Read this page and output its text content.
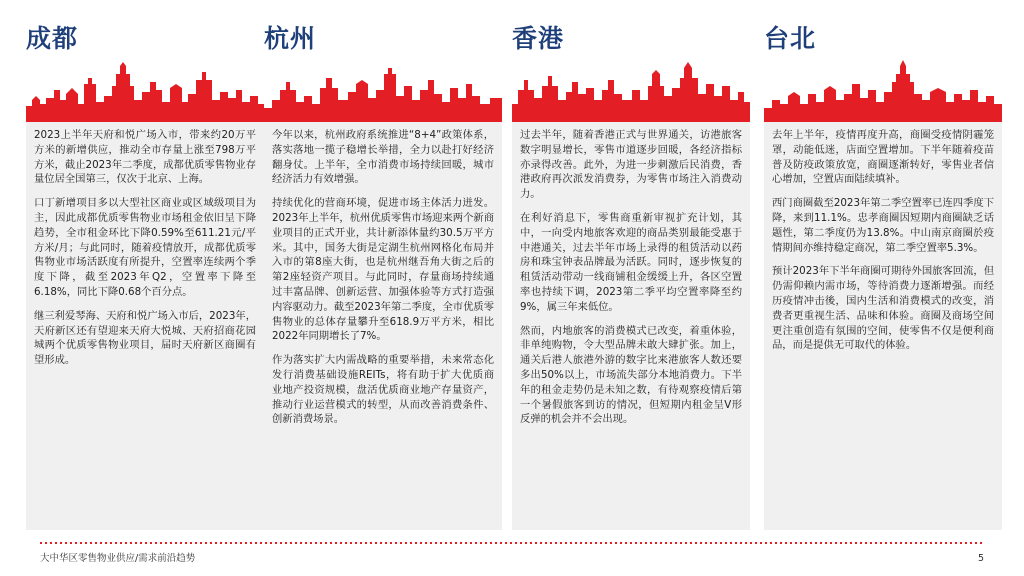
成都

2023上半年天府和悦广场入市，带来约20万平方米的新增供应，推动全市存量上涨至798万平方米，截止2023年二季度，成都优质零售物业存量位居全国第三，仅次于北京、上海。

口丁新增项目多以大型社区商业或区域级项目为主，因此成都优质零售物业市场租金依旧呈下降趋势，全市租金环比下降0.59%至611.21元/平方米/月；与此同时，随着疫情放开，成都优质零售物业市场活跃度有所提升，空置率连续两个季度下降，截至2023年Q2，空置率下降至6.18%，同比下降0.68个百分点。

继三利爱琴海、天府和悦广场入市后，2023年，天府新区还有望迎来天府大悦城、天府招商花园城两个优质零售物业项目，届时天府新区商圈有望形成。

杭州

今年以来，杭州政府系统推进“8+4”政策体系，落实落地一揽子稳增长举措，全力以赴打好经济翻身仗。上半年，全市消费市场持续回暖，城市经济活力有效增强。

持续优化的营商环境，促进市场主体活力迸发。2023年上半年，杭州优质零售市场迎来两个新商业项目的正式开业，共计新添体量约30.5万平方米。其中，国务大街是定湖生杭州网格化布局并入市的第8座大街，也是杭州继吾角大街之后的第2座轻资产项目。与此同时，存量商场持续通过丰富品牌、创新运营、加强体验等方式打造强内容驱动力。截至2023年第二季度，全市优质零售物业的总体存量攀升至618.9万平方米，相比2022年同期增长了7%。

作为落实扩大内需战略的重要举措，未来常态化发行消费基础设施REITs，将有助于扩大优质商业地产投资规模，盘活优质商业地产存量资产，推动行业运营模式的转型，从而改善消费条件、创新消费场景。

香港

过去半年，随着香港正式与世界通关，访港旅客数字明显增长，零售市道逐步回暖，各经济指标亦录得改善。此外，为进一步刺激后民消费，香港政府再次派发消费券，为零售市场注入消费动力。

在利好消息下，零售商重新审视扩充计划，其中，一向受内地旅客欢迎的商品类别最能受惠于中港通关，过去半年市场上录得的租赁活动以药房和珠宝钟表品牌最为活跃。同时，逐步恢复的租赁活动带动一线商铺租金缓缓上升，各区空置率也持续下调，2023第二季平均空置率降至约9%，属三年来低位。

然而，内地旅客的消费模式已改变，着重体验，非单纯购物，令大型品牌未敢大肆扩张。加上，通关后港人旅港外游的数字比来港旅客人数还要多出50%以上，市场流失部分本地消费力。下半年的租金走势仍是未知之数，有待观察疫情后第一个暑假旅客到访的情况，但短期内租金呈V形反弹的机会并不会出现。

台北

去年上半年，疫情再度升高，商圈受疫情阴霾笼罩，动能低迷，店面空置增加。下半年随着疫苗普及防疫政策放宽，商圈逐渐转好，零售业者信心增加，空置店面陆续填补。

西门商圈截至2023年第二季空置率已连四季度下降，来到11.1%。忠孝商圈因短期内商圈缺乏话题性，第二季度仍为13.8%。中山南京商圈於疫情期间亦维持稳定商况，第二季空置率5.3%。

预计2023年下半年商圈可期待外国旅客回流，但仍需仰赖内需市场，等待消费力逐渐增强。而经历疫情冲击後，国内生活和消费模式的改变，消费者更重视生活、品味和体验。商圈及商场空间更注重创造有氛围的空间，使零售不仅是便利商品，而是提供无可取代的体验。

大中华区零售物业供应/需求前沿趋势	5
